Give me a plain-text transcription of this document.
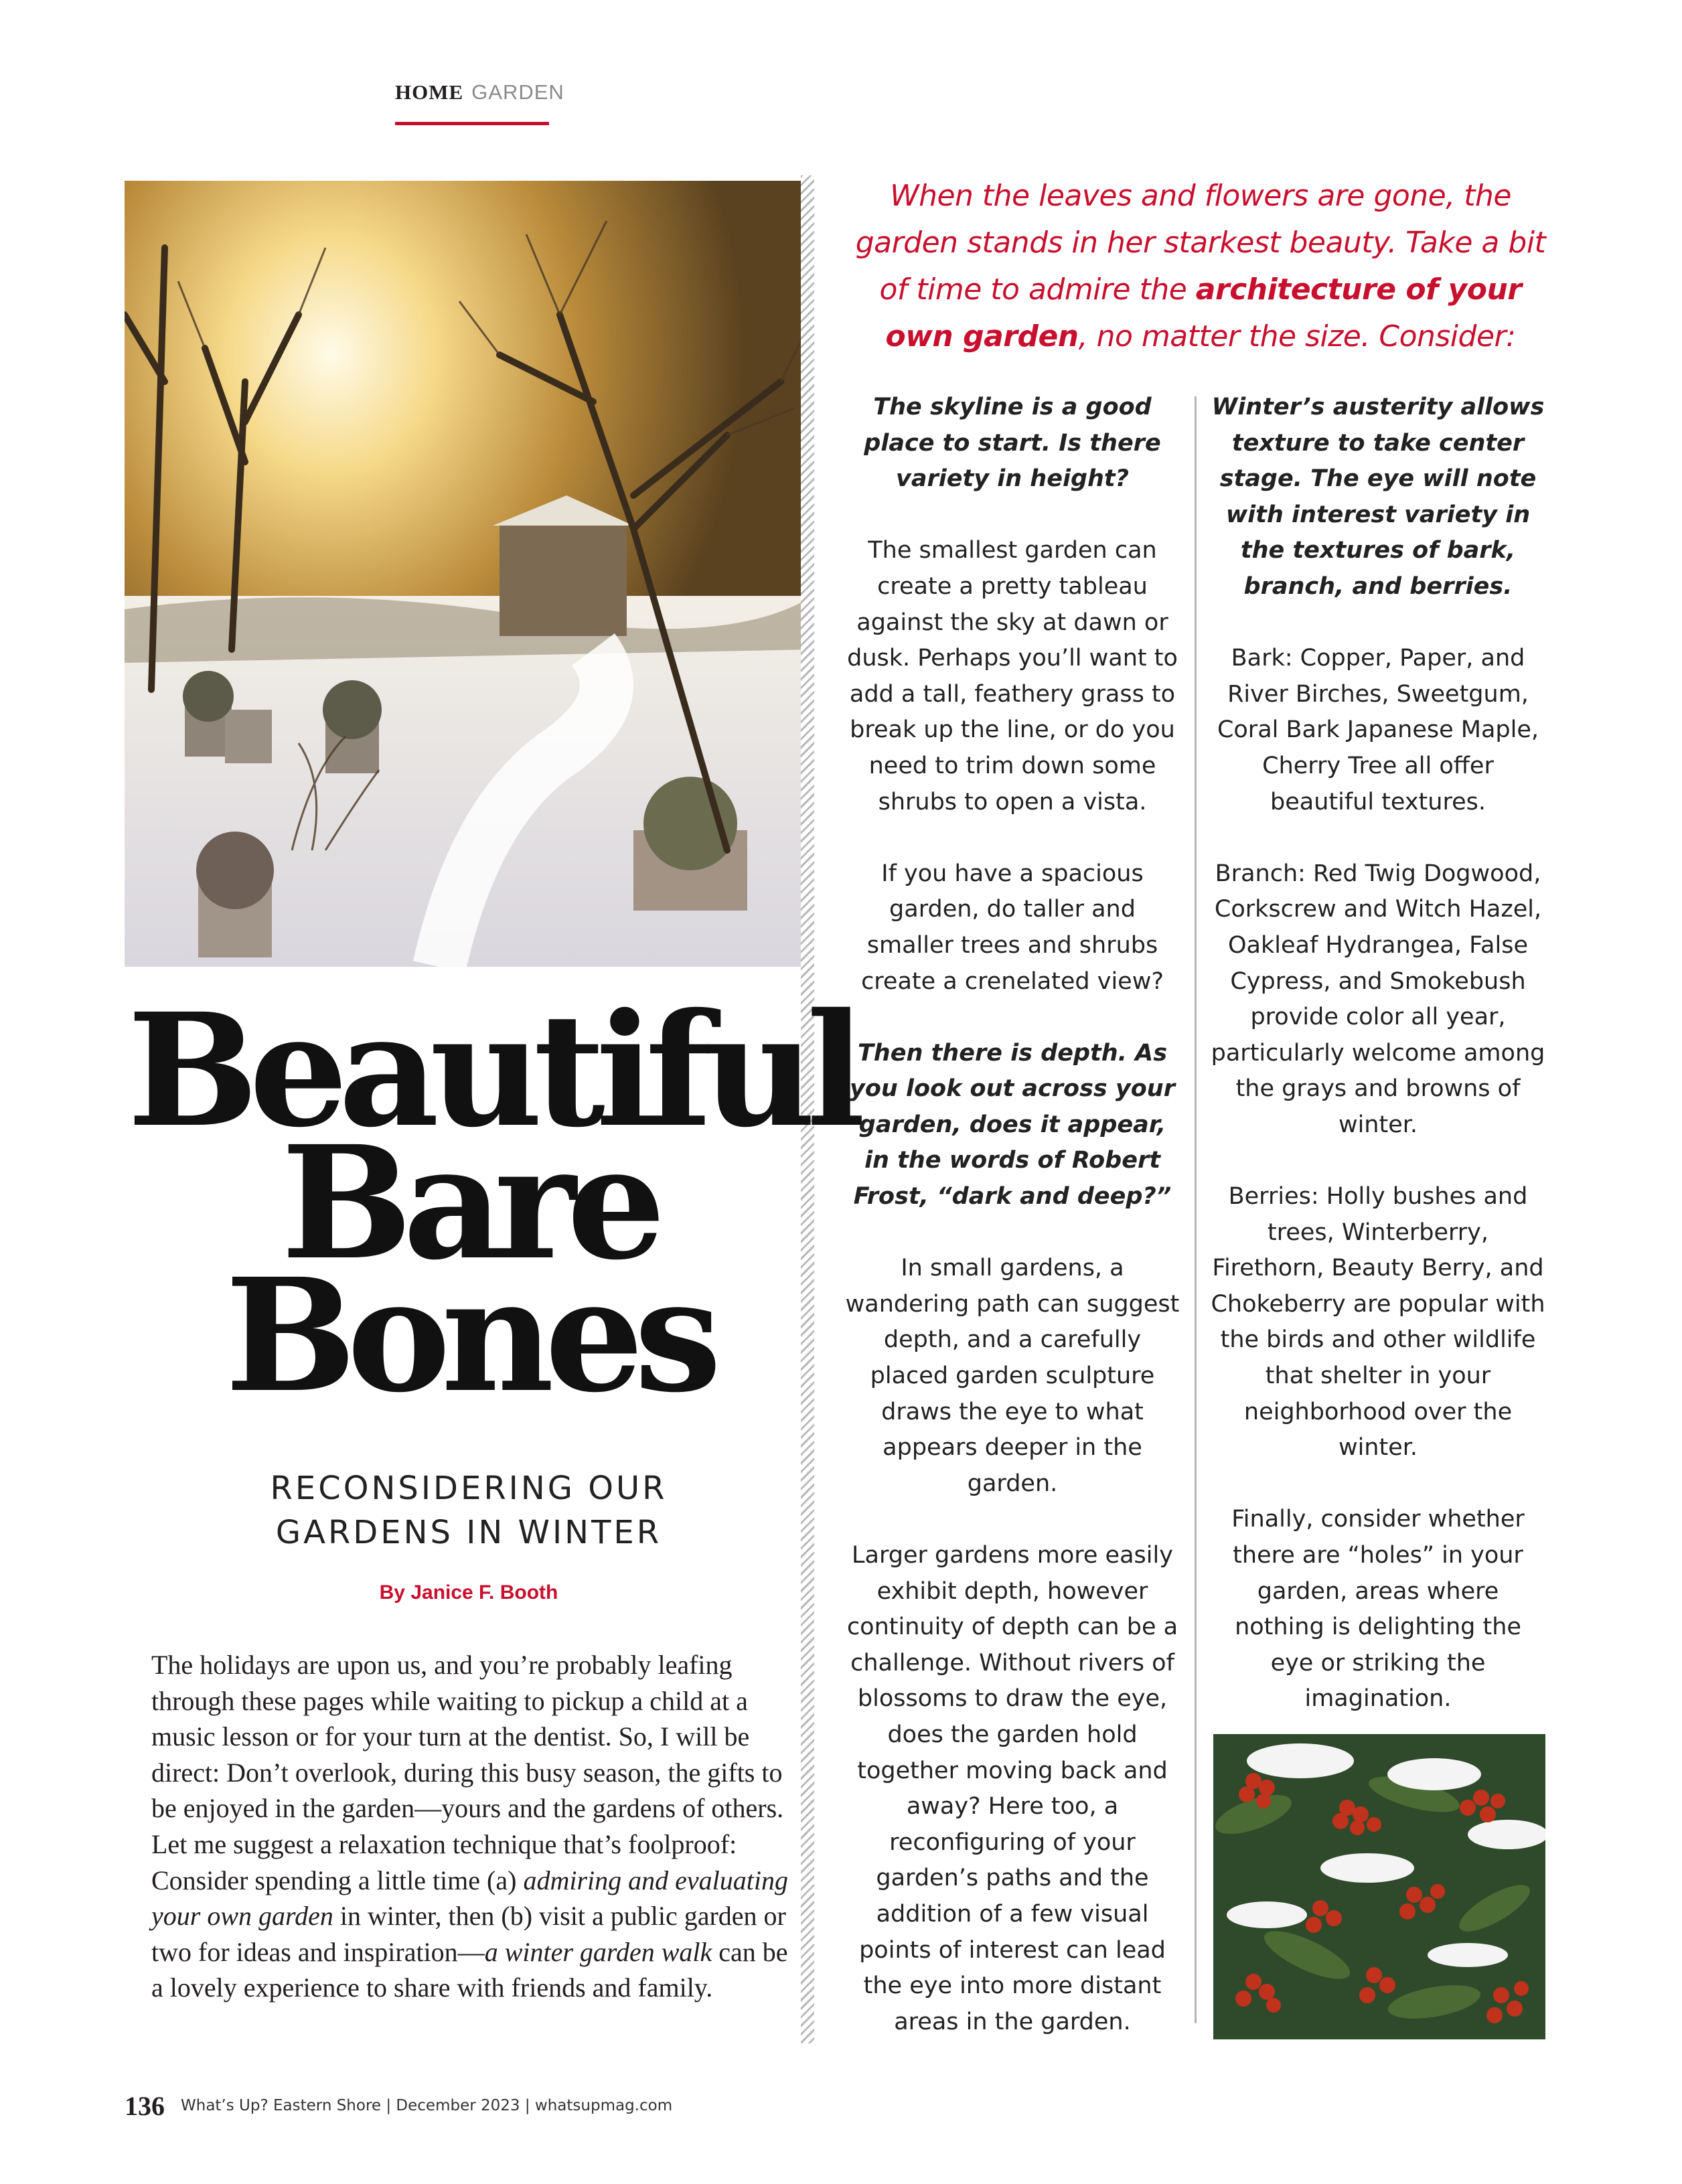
HOME GARDEN
Beautiful
Bare
Bones
RECONSIDERING OUR
GARDENS IN WINTER
By Janice F. Booth
The holidays are upon us, and you’re probably leafing through these pages while waiting to pickup a child at a music lesson or for your turn at the dentist. So, I will be direct: Don’t overlook, during this busy season, the gifts to be enjoyed in the garden—yours and the gardens of others. Let me suggest a relaxation technique that’s foolproof: Consider spending a little time (a) admiring and evaluating your own garden in winter, then (b) visit a public garden or two for ideas and inspiration—a winter garden walk can be a lovely experience to share with friends and family.
When the leaves and flowers are gone, the garden stands in her starkest beauty. Take a bit of time to admire the architecture of your own garden, no matter the size. Consider:

The skyline is a good place to start. Is there variety in height?

The smallest garden can create a pretty tableau against the sky at dawn or dusk. Perhaps you’ll want to add a tall, feathery grass to break up the line, or do you need to trim down some shrubs to open a vista.

If you have a spacious garden, do taller and smaller trees and shrubs create a crenelated view?

Then there is depth. As you look out across your garden, does it appear, in the words of Robert Frost, “dark and deep?”

In small gardens, a wandering path can suggest depth, and a carefully placed garden sculpture draws the eye to what appears deeper in the garden.

Larger gardens more easily exhibit depth, however continuity of depth can be a challenge. Without rivers of blossoms to draw the eye, does the garden hold together moving back and away? Here too, a reconfiguring of your garden’s paths and the addition of a few visual points of interest can lead the eye into more distant areas in the garden.

Winter’s austerity allows texture to take center stage. The eye will note with interest variety in the textures of bark, branch, and berries.

Bark: Copper, Paper, and River Birches, Sweetgum, Coral Bark Japanese Maple, Cherry Tree all offer beautiful textures.

Branch: Red Twig Dogwood, Corkscrew and Witch Hazel, Oakleaf Hydrangea, False Cypress, and Smokebush provide color all year, particularly welcome among the grays and browns of winter.

Berries: Holly bushes and trees, Winterberry, Firethorn, Beauty Berry, and Chokeberry are popular with the birds and other wildlife that shelter in your neighborhood over the winter.

Finally, consider whether there are “holes” in your garden, areas where nothing is delighting the eye or striking the imagination.

136 What’s Up? Eastern Shore | December 2023 | whatsupmag.com
